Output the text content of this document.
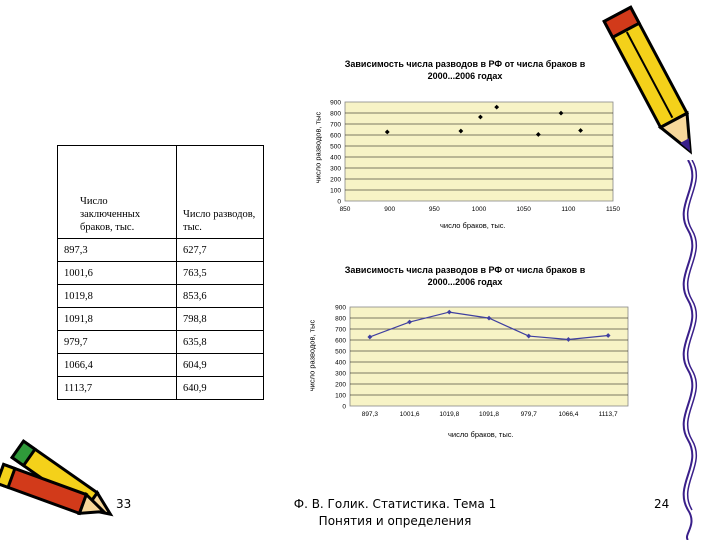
Число заключенных браков, тыс.	Число разводов, тыс.
897,3	627,7
1001,6	763,5
1019,8	853,6
1091,8	798,8
979,7	635,8
1066,4	604,9
1113,7	640,9
Зависимость числа разводов в РФ от числа браков в 2000...2006 годах
число разводов, тыс
0
100
200
300
400
500
600
700
800
900
850	900	950	1000	1050	1100	1150
число браков, тыс.
Зависимость числа разводов в РФ от числа браков в 2000...2006 годах
число разводов, тыс
0
100
200
300
400
500
600
700
800
900
897,3	1001,6	1019,8	1091,8	979,7	1066,4	1113,7
число браков, тыс.
33	Ф. В. Голик. Статистика. Тема 1
Понятия и определения
24
